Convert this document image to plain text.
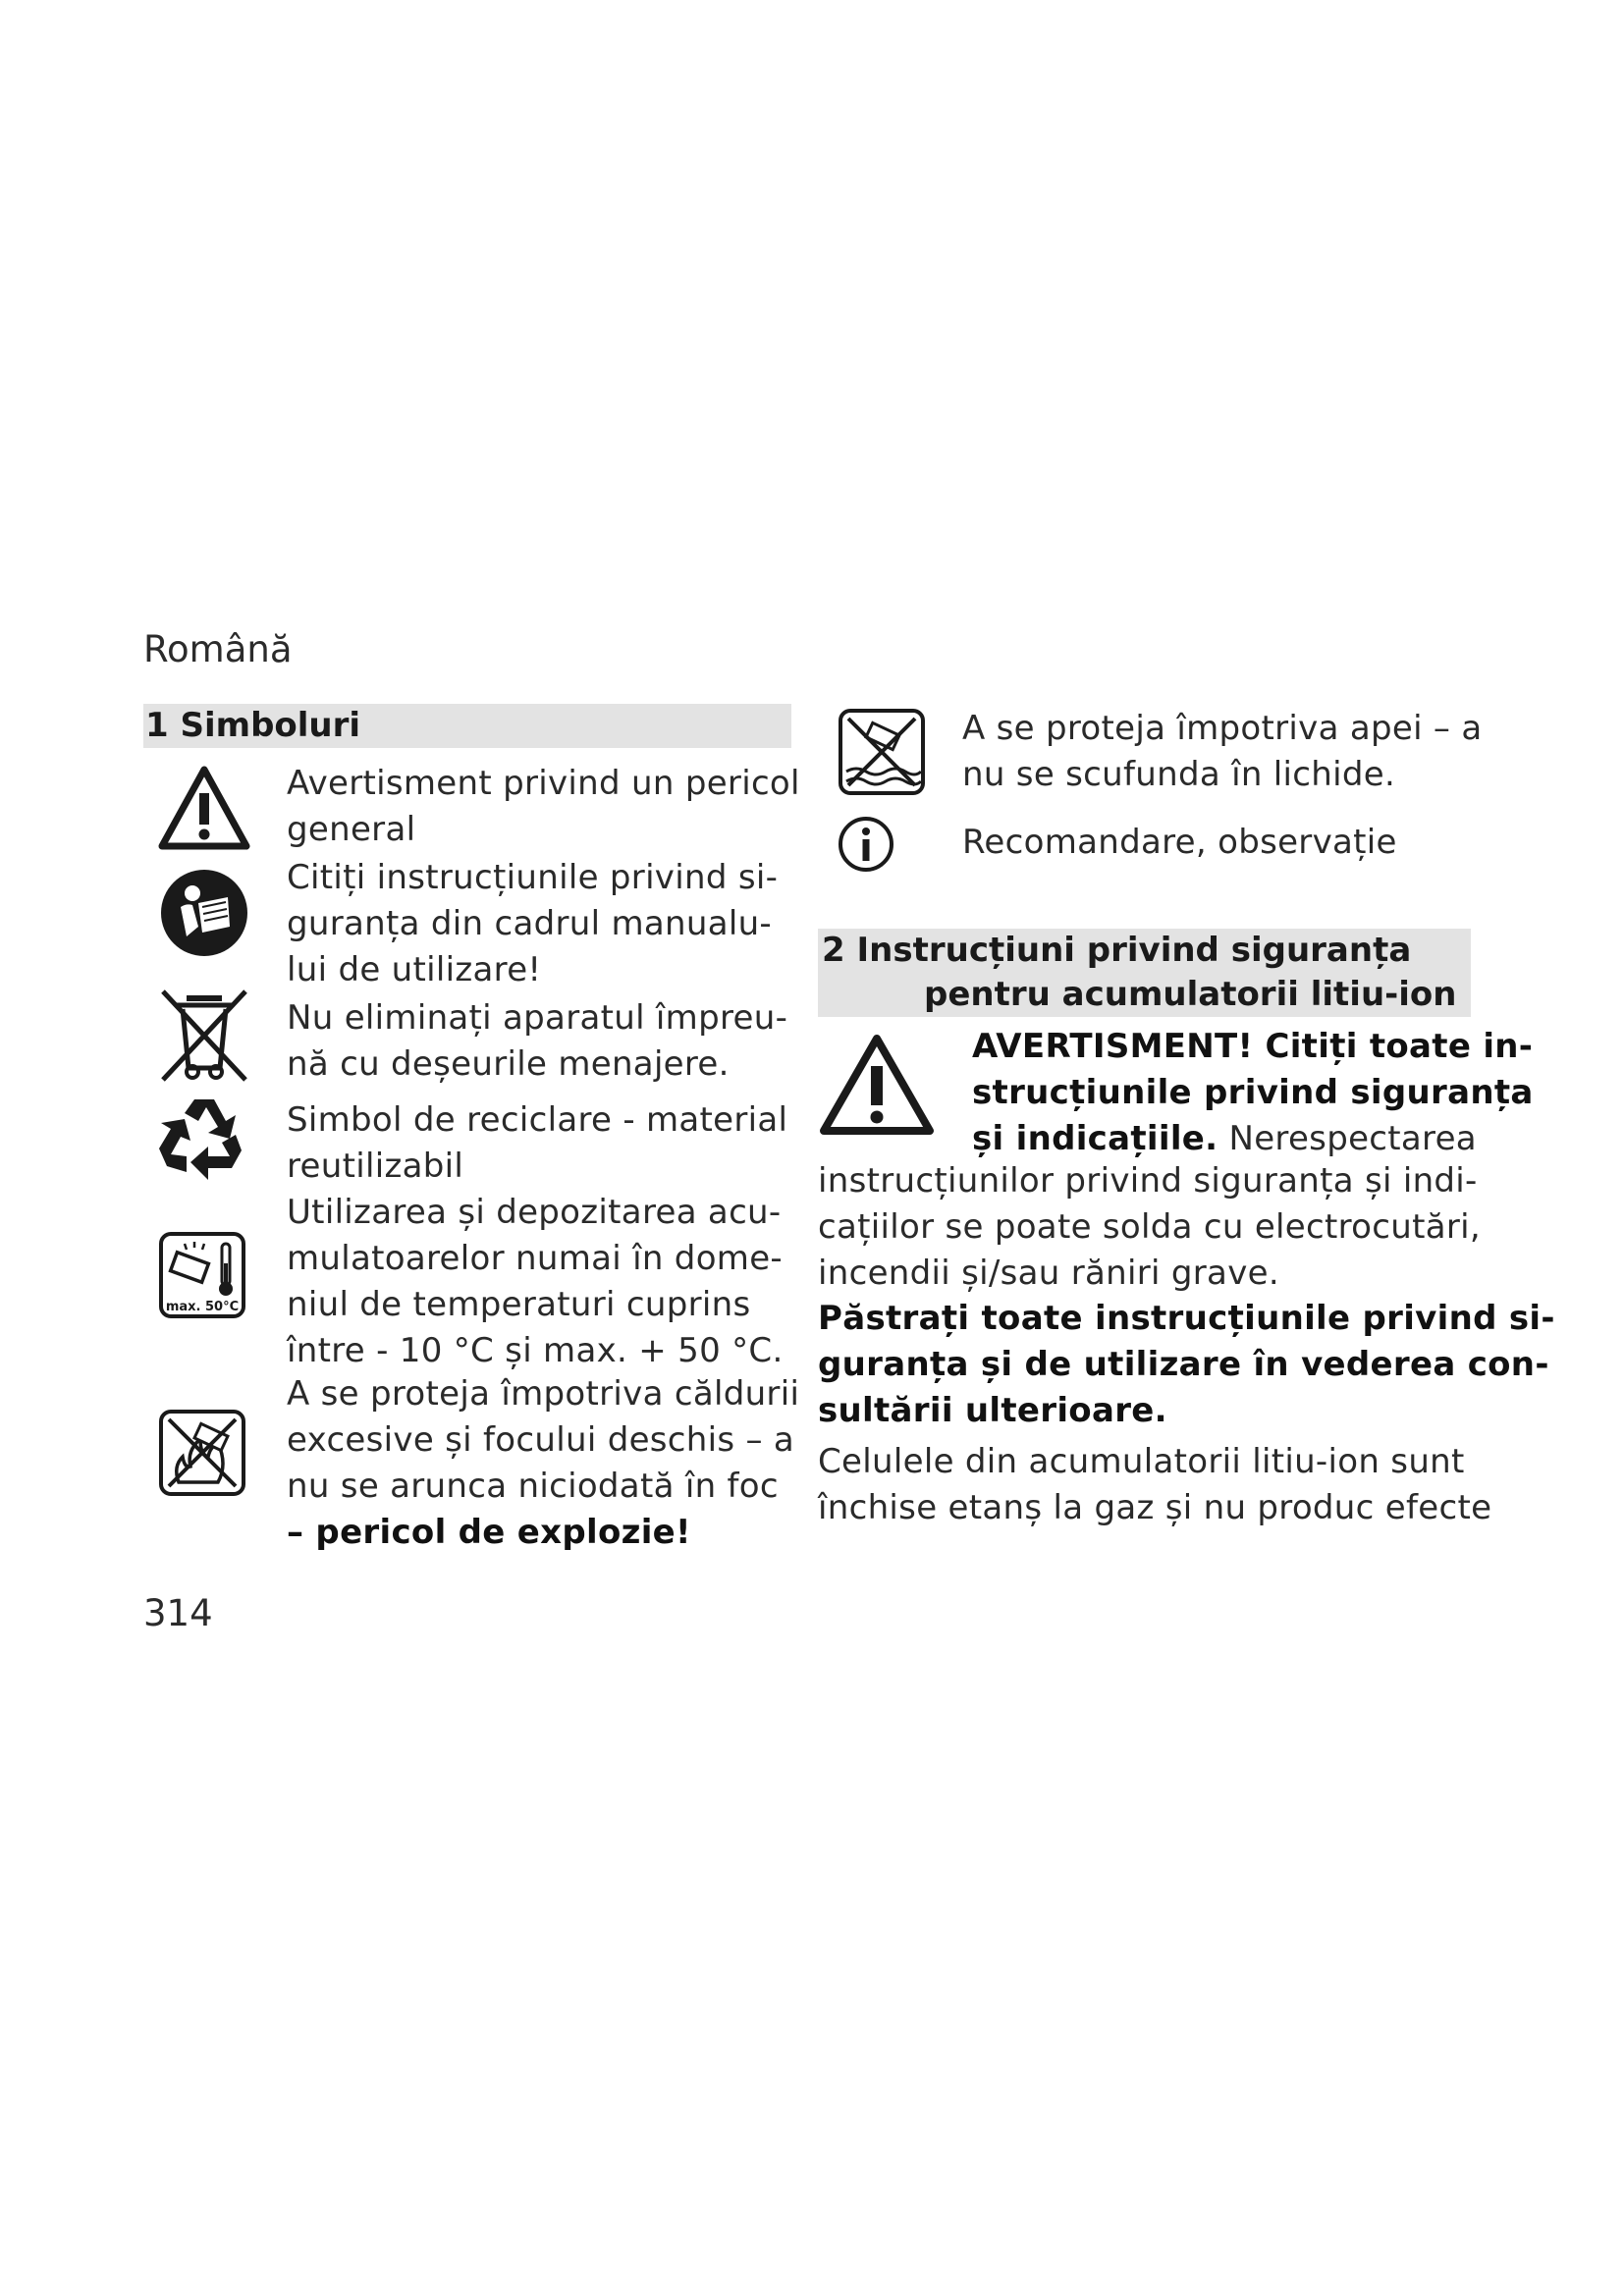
Română
1 Simboluri
max. 50°C
Avertisment privind un pericol
general
Citiți instrucțiunile privind si-
guranța din cadrul manualu-
lui de utilizare!
Nu eliminați aparatul împreu-
nă cu deșeurile menajere.
Simbol de reciclare - material
reutilizabil
Utilizarea și depozitarea acu-
mulatoarelor numai în dome-
niul de temperaturi cuprins
între - 10 °C și max. + 50 °C.
A se proteja împotriva căldurii
excesive și focului deschis – a
nu se arunca niciodată în foc
– pericol de explozie!
A se proteja împotriva apei – a
nu se scufunda în lichide.
Recomandare, observație
2 Instrucțiuni privind siguranța
pentru acumulatorii litiu-ion
AVERTISMENT! Citiți toate in-
strucțiunile privind siguranța
și indicațiile. Nerespectarea
instrucțiunilor privind siguranța și indi-
cațiilor se poate solda cu electrocutări,
incendii și/sau răniri grave.
Păstrați toate instrucțiunile privind si-
guranța și de utilizare în vederea con-
sultării ulterioare.
Celulele din acumulatorii litiu-ion sunt
închise etanș la gaz și nu produc efecte
314
